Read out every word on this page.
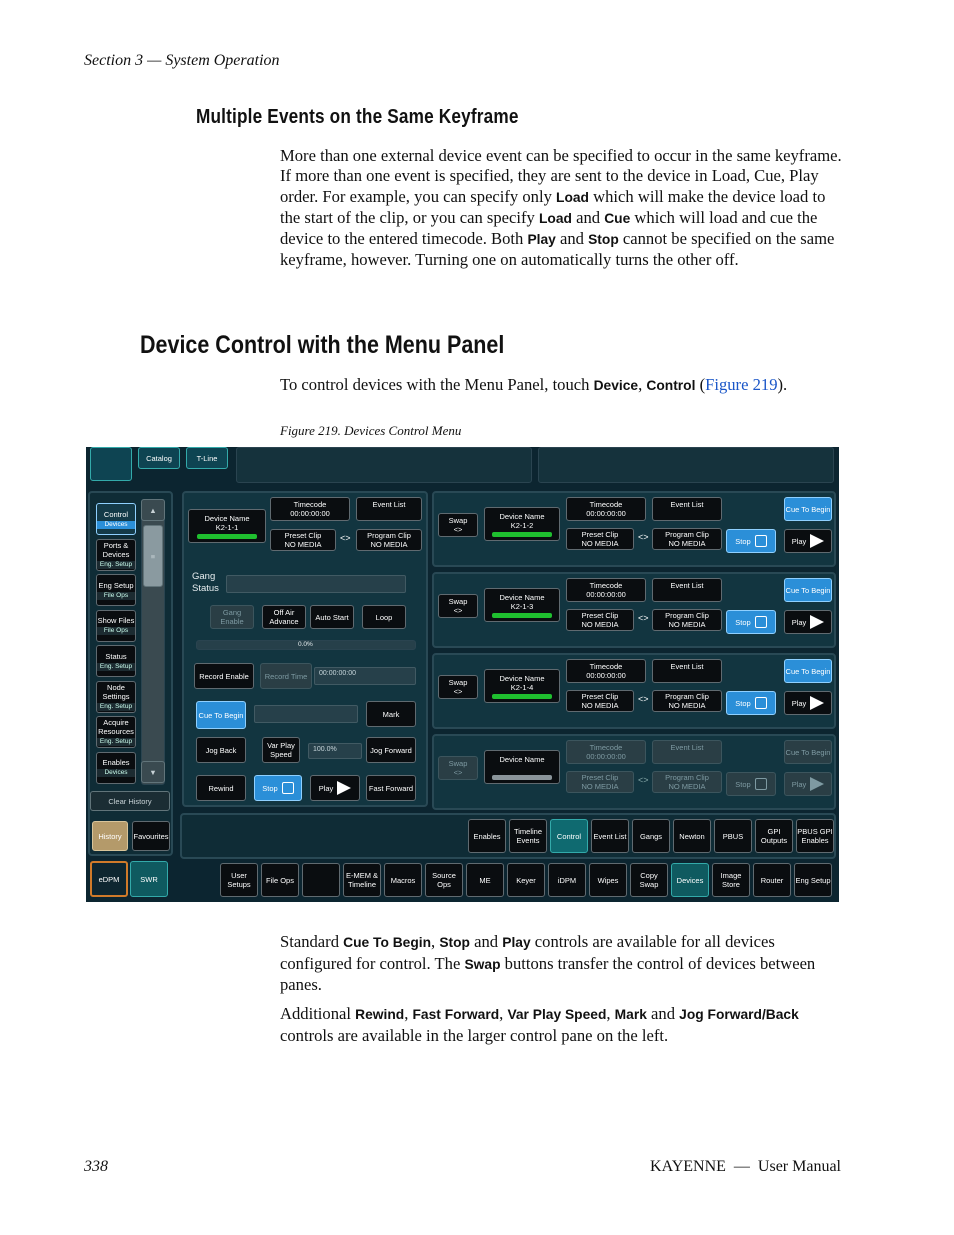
Section 3 — System Operation
Multiple Events on the Same Keyframe
More than one external device event can be specified to occur in the same keyframe. If more than one event is specified, they are sent to the device in Load, Cue, Play order. For example, you can specify only Load which will make the device load to the start of the clip, or you can specify Load and Cue which will load and cue the device to the entered timecode. Both Play and Stop cannot be specified on the same keyframe, however. Turning one on automatically turns the other off.
Device Control with the Menu Panel
To control devices with the Menu Panel, touch Device, Control (Figure 219).
Figure 219. Devices Control Menu
Catalog	T-Line
Control
Devices
Ports & Devices
Eng. Setup
Eng Setup
File Ops
Show Files
File Ops
Status
Eng. Setup
Node Settings
Eng. Setup
Acquire Resources
Eng. Setup
Enables
Devices
▲
≡
▼
Clear History
History Favourites
Device Name
K2-1-1
Timecode
00:00:00:00
Event List

Preset Clip
NO MEDIA
<> Program Clip
NO MEDIA
Gang Status
Gang Enable
Off Air Advance	Auto Start	Loop
0.0%
Record Enable Record Time	00:00:00:00
Cue To Begin	Mark
Jog Back	Var Play Speed
100.0%	Jog Forward
Rewind	Stop	Play	Fast Forward
Swap
<>
Device Name
K2-1-2
Timecode
00:00:00:00
Event List

Preset Clip
NO MEDIA
<> Program Clip
NO MEDIA
Cue To Begin
Stop	Play
Swap
<>
Device Name
K2-1-3
Timecode
00:00:00:00
Event List

Preset Clip
NO MEDIA
<> Program Clip
NO MEDIA
Cue To Begin
Stop	Play
Swap
<>
Device Name
K2-1-4
Timecode
00:00:00:00
Event List

Preset Clip
NO MEDIA
<> Program Clip
NO MEDIA
Cue To Begin
Stop	Play
Swap
<>
Device Name

Timecode
00:00:00:00
Event List

Preset Clip
NO MEDIA
<> Program Clip
NO MEDIA
Cue To Begin
Stop	Play
Enables	Timeline Events	Control Event List Gangs Newton PBUS	GPI Outputs
PBUS GPI Enables
eDPM	SWR	User Setups	File Ops	E-MEM & Timeline	Macros	Source Ops	ME	Keyer	iDPM	Wipes	Copy Swap	Devices	Image Store	Router Eng Setup
Standard Cue To Begin, Stop and Play controls are available for all devices configured for control. The Swap buttons transfer the control of devices between panes.
Additional Rewind, Fast Forward, Var Play Speed, Mark and Jog Forward/Back controls are available in the larger control pane on the left.
338	KAYENNE — User Manual
